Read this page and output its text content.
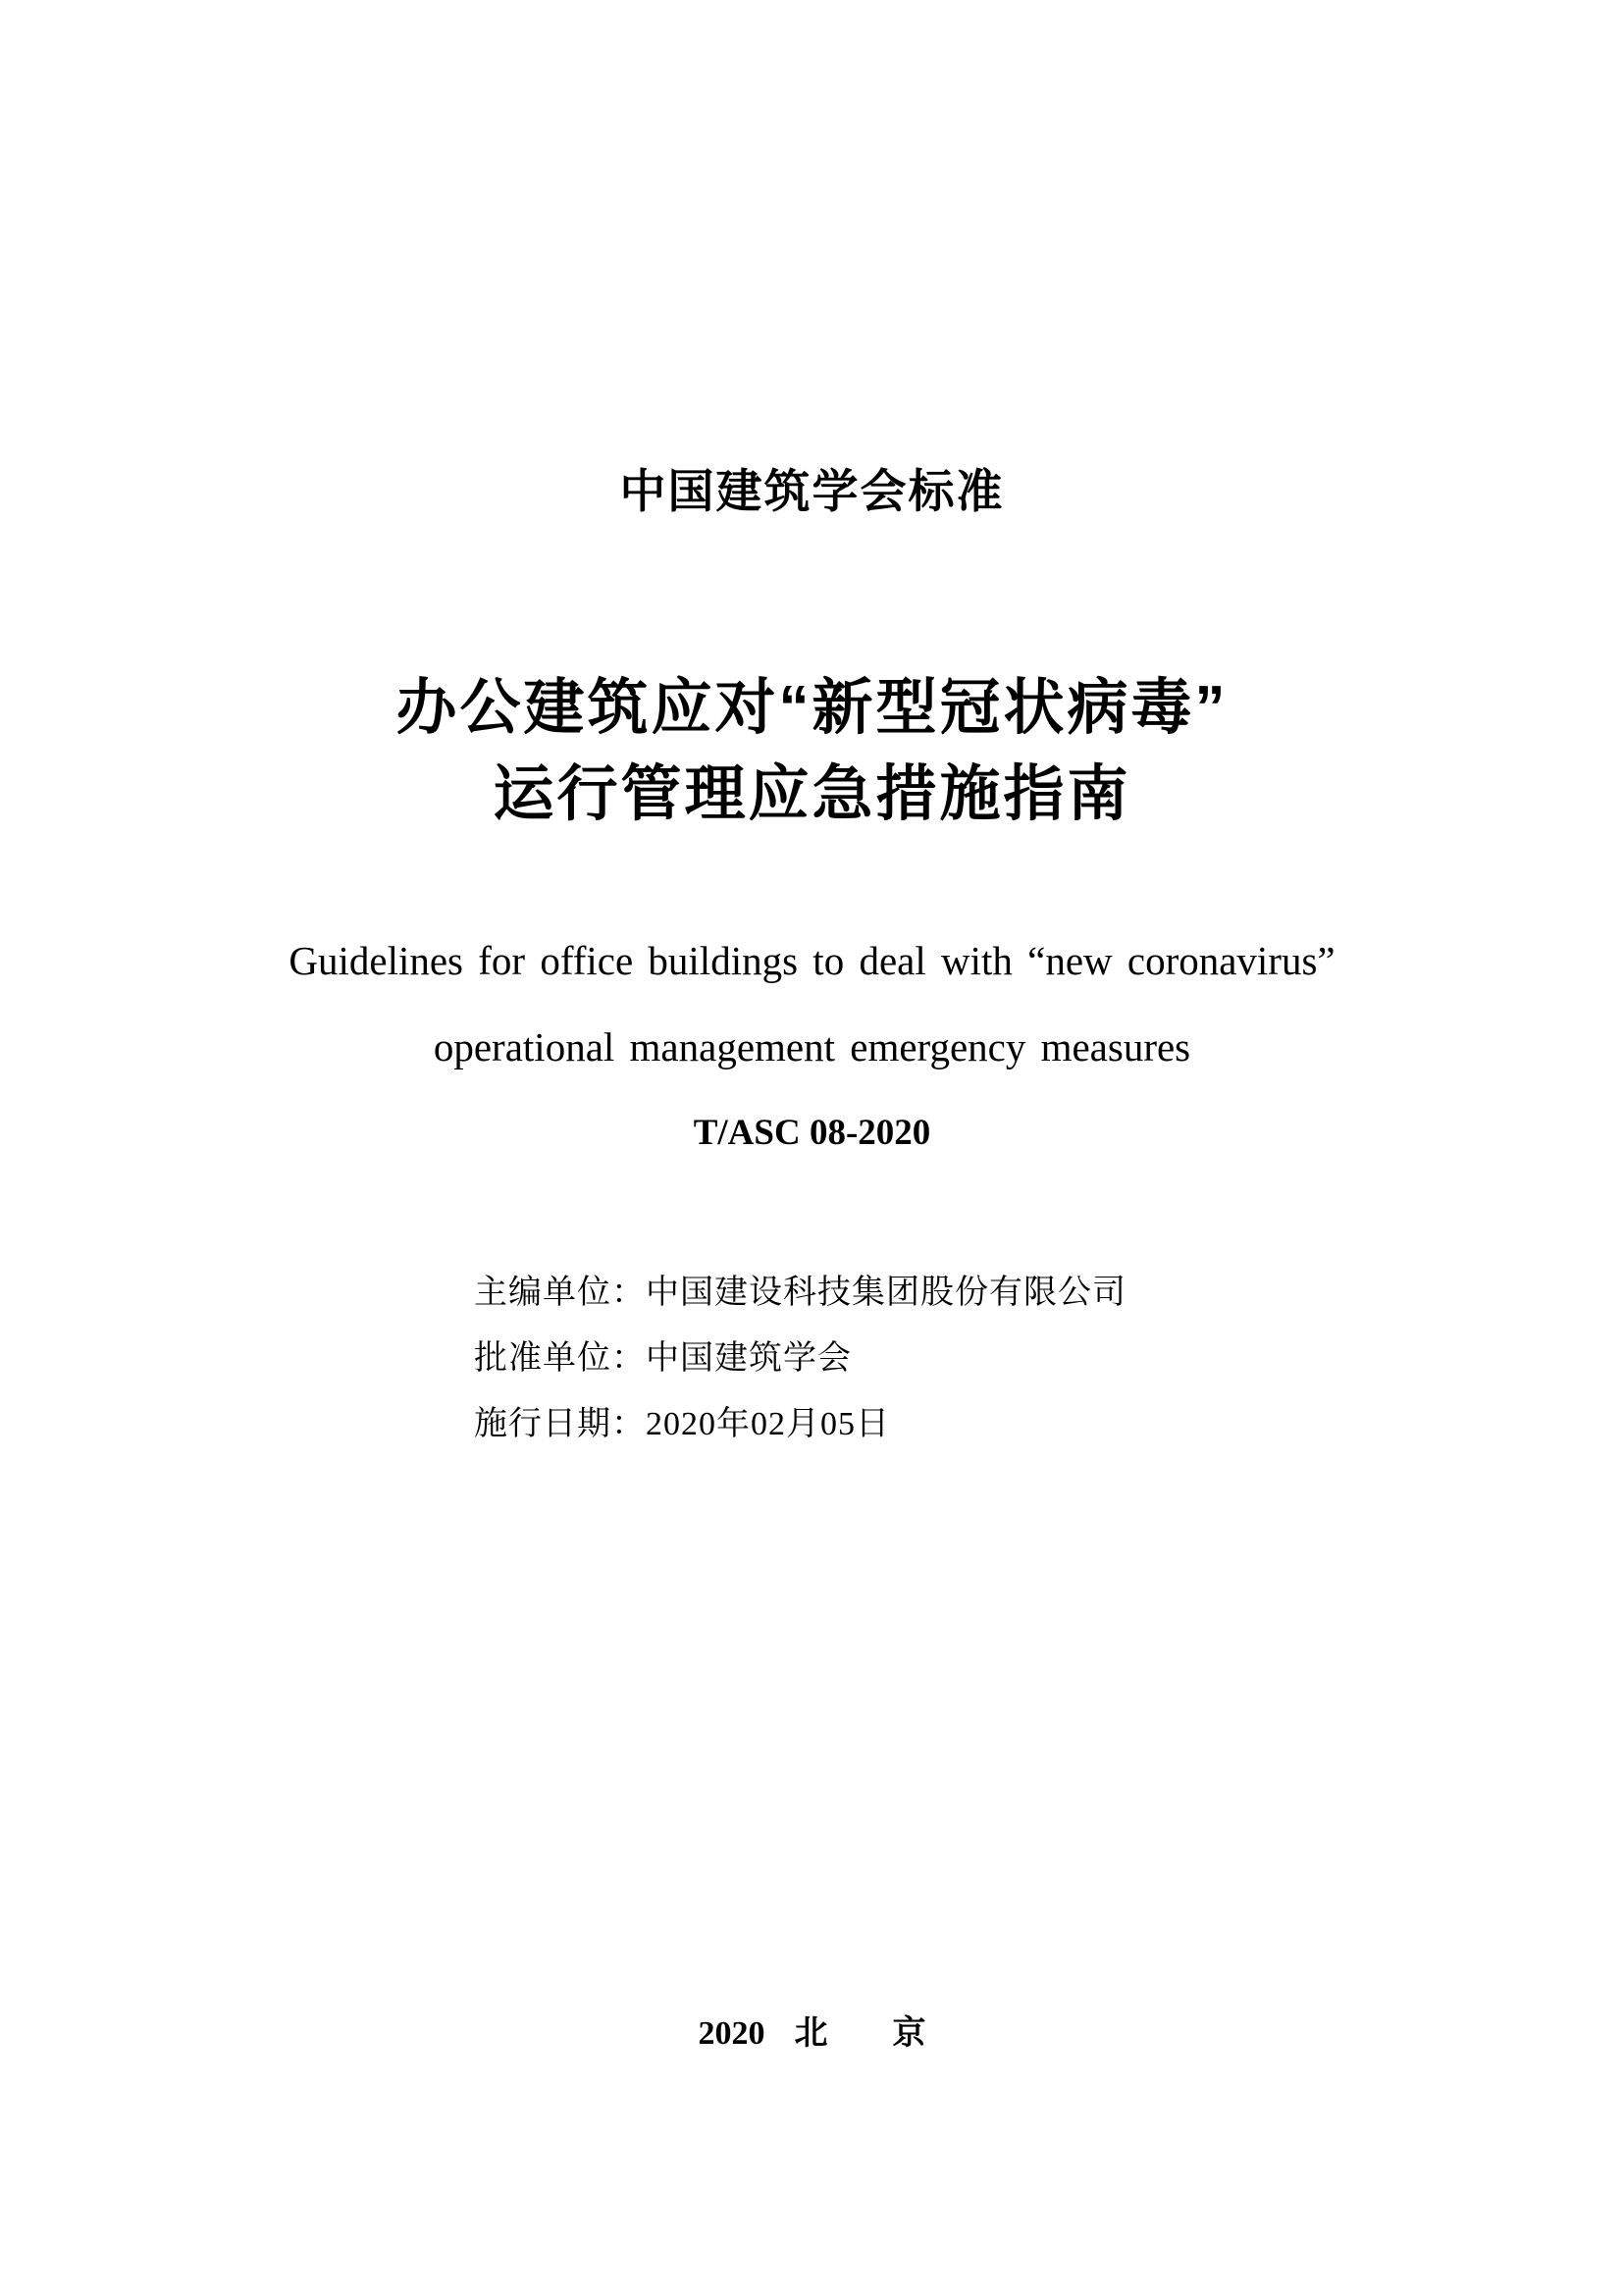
中国建筑学会标准
办公建筑应对“新型冠状病毒”
运行管理应急措施指南
Guidelines for office buildings to deal with “new coronavirus”
operational management emergency measures
T/ASC 08-2020
主编单位：中国建设科技集团股份有限公司
批准单位：中国建筑学会
施行日期：2020年02月05日
2020 北 京
